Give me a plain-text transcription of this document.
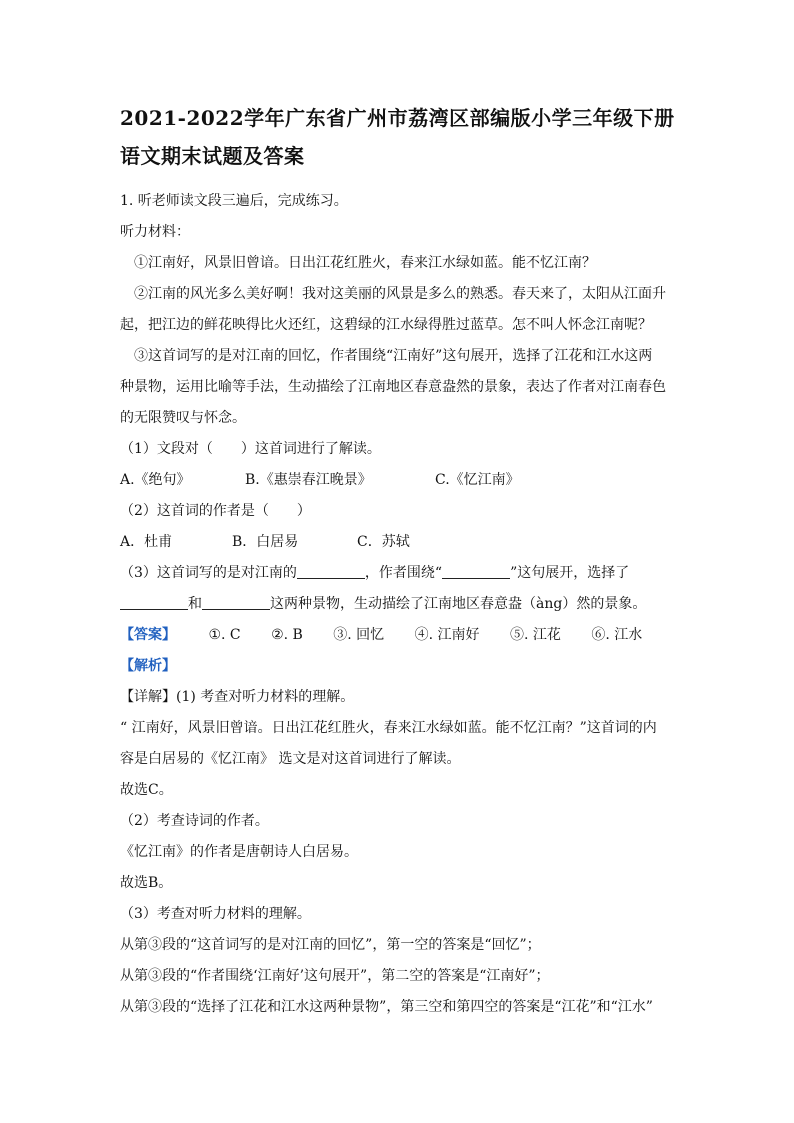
2021-2022学年广东省广州市荔湾区部编版小学三年级下册
语文期末试题及答案

1. 听老师读文段三遍后，完成练习。

听力材料：

①江南好，风景旧曾谙。日出江花红胜火，春来江水绿如蓝。能不忆江南？

②江南的风光多么美好啊！我对这美丽的风景是多么的熟悉。春天来了，太阳从江面升

起，把江边的鲜花映得比火还红，这碧绿的江水绿得胜过蓝草。怎不叫人怀念江南呢？

③这首词写的是对江南的回忆，作者围绕“江南好”这句展开，选择了江花和江水这两

种景物，运用比喻等手法，生动描绘了江南地区春意盎然的景象，表达了作者对江南春色

的无限赞叹与怀念。

（1）文段对（　　）这首词进行了解读。

A.《绝句》	B.《惠崇春江晚景》	C.《忆江南》

（2）这首词的作者是（　　）

A．杜甫	B．白居易	C．苏轼

（3）这首词写的是对江南的	，作者围绕“	”这句展开，选择了

和	这两种景物，生动描绘了江南地区春意盎（àng）然的景象。

【答案】 ①. C ②. B ③. 回忆 ④. 江南好 ⑤. 江花 ⑥. 江水

【解析】

【详解】(1) 考查对听力材料的理解。

“ 江南好，风景旧曾谙。日出江花红胜火，春来江水绿如蓝。能不忆江南？”这首词的内

容是白居易的《忆江南》 选文是对这首词进行了解读。

故选C。

（2）考查诗词的作者。

《忆江南》的作者是唐朝诗人白居易。

故选B。

（3）考查对听力材料的理解。

从第③段的“这首词写的是对江南的回忆”，第一空的答案是“回忆”；

从第③段的“作者围绕‘江南好’这句展开”，第二空的答案是“江南好”；

从第③段的“选择了江花和江水这两种景物”，第三空和第四空的答案是“江花”和“江水”
